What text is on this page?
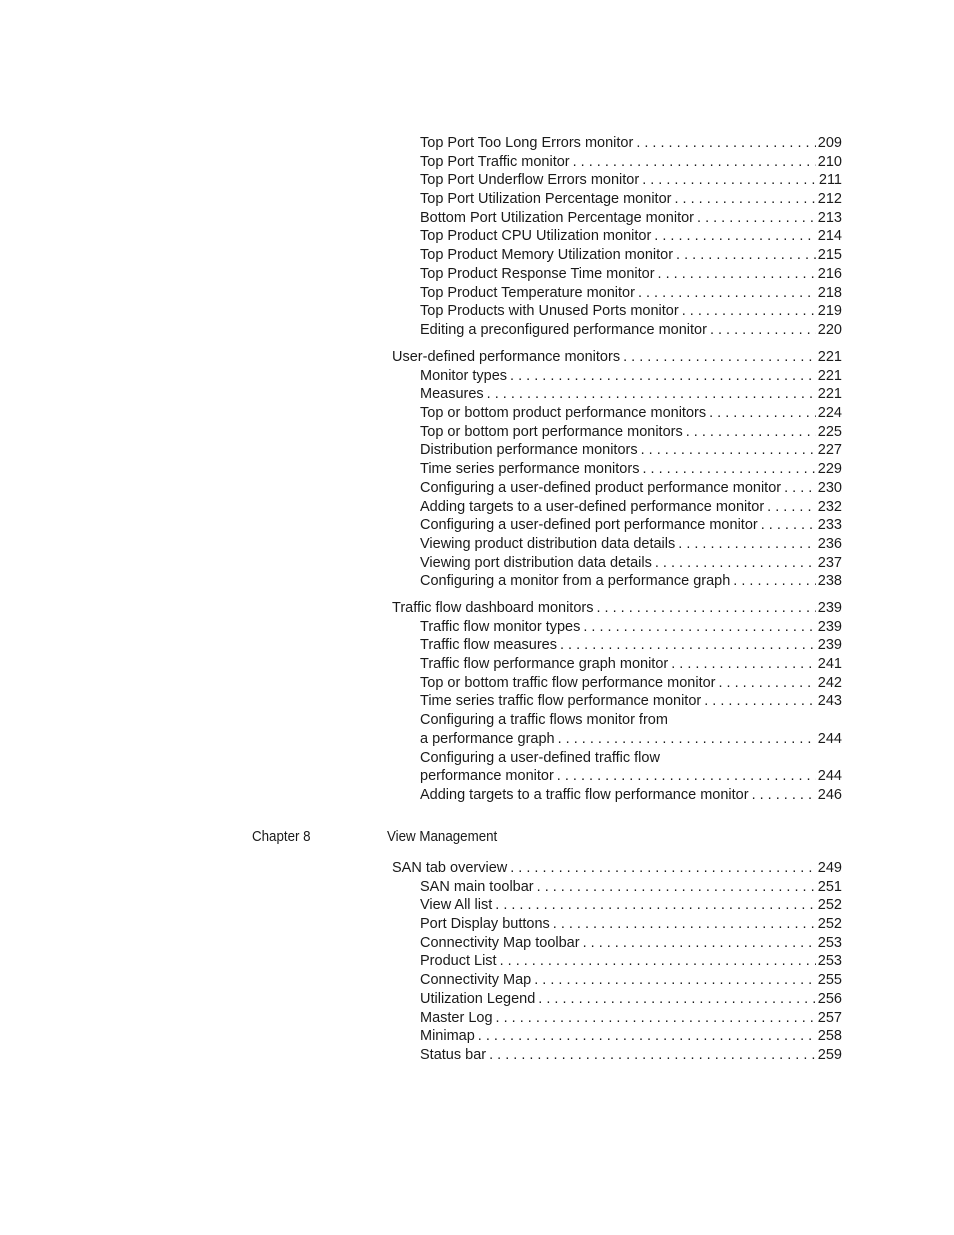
Top Port Too Long Errors monitor . . .	209
Top Port Traffic monitor . . .	210
Top Port Underflow Errors monitor . . .	211
Top Port Utilization Percentage monitor . . .	212
Bottom Port Utilization Percentage monitor . . .	213
Top Product CPU Utilization monitor . . .	214
Top Product Memory Utilization monitor . . .	215
Top Product Response Time monitor . . .	216
Top Product Temperature monitor . . .	218
Top Products with Unused Ports monitor . . .	219
Editing a preconfigured performance monitor . . .	220
User-defined performance monitors . . .	221
Monitor types . . .	221
Measures . . .	221
Top or bottom product performance monitors . . .	224
Top or bottom port performance monitors . . .	225
Distribution performance monitors . . .	227
Time series performance monitors . . .	229
Configuring a user-defined product performance monitor . . .	230
Adding targets to a user-defined performance monitor . . .	232
Configuring a user-defined port performance monitor . . .	233
Viewing product distribution data details . . .	236
Viewing port distribution data details . . .	237
Configuring a monitor from a performance graph . . .	238
Traffic flow dashboard monitors . . .	239
Traffic flow monitor types . . .	239
Traffic flow measures . . .	239
Traffic flow performance graph monitor . . .	241
Top or bottom traffic flow performance monitor . . .	242
Time series traffic flow performance monitor . . .	243
Configuring a traffic flows monitor from
a performance graph . . .	244
Configuring a user-defined traffic flow
performance monitor . . .	244
Adding targets to a traffic flow performance monitor . . .	246
Chapter 8	View Management
SAN tab overview . . .	249
SAN main toolbar . . .	251
View All list . . .	252
Port Display buttons . . .	252
Connectivity Map toolbar . . .	253
Product List . . .	253
Connectivity Map . . .	255
Utilization Legend . . .	256
Master Log . . .	257
Minimap . . .	258
Status bar . . .	259
